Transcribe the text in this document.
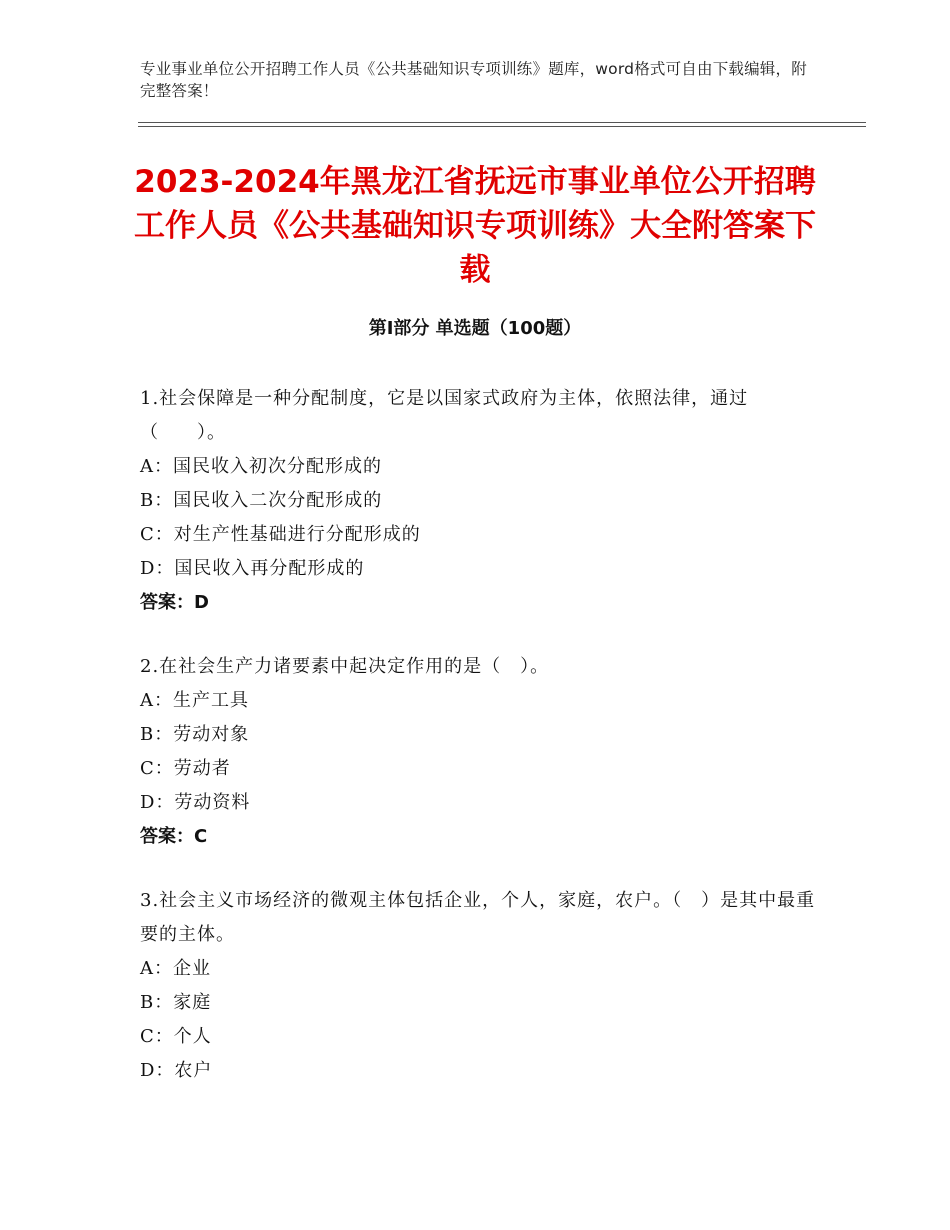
专业事业单位公开招聘工作人员《公共基础知识专项训练》题库，word格式可自由下载编辑，附完整答案！
2023-2024年黑龙江省抚远市事业单位公开招聘工作人员《公共基础知识专项训练》大全附答案下载
第Ⅰ部分 单选题（100题）
1.社会保障是一种分配制度，它是以国家式政府为主体，依照法律，通过（　　）。
A：国民收入初次分配形成的
B：国民收入二次分配形成的
C：对生产性基础进行分配形成的
D：国民收入再分配形成的
答案：D
2.在社会生产力诸要素中起决定作用的是（　）。
A：生产工具
B：劳动对象
C：劳动者
D：劳动资料
答案：C
3.社会主义市场经济的微观主体包括企业，个人，家庭，农户。（　）是其中最重要的主体。
A：企业
B：家庭
C：个人
D：农户
